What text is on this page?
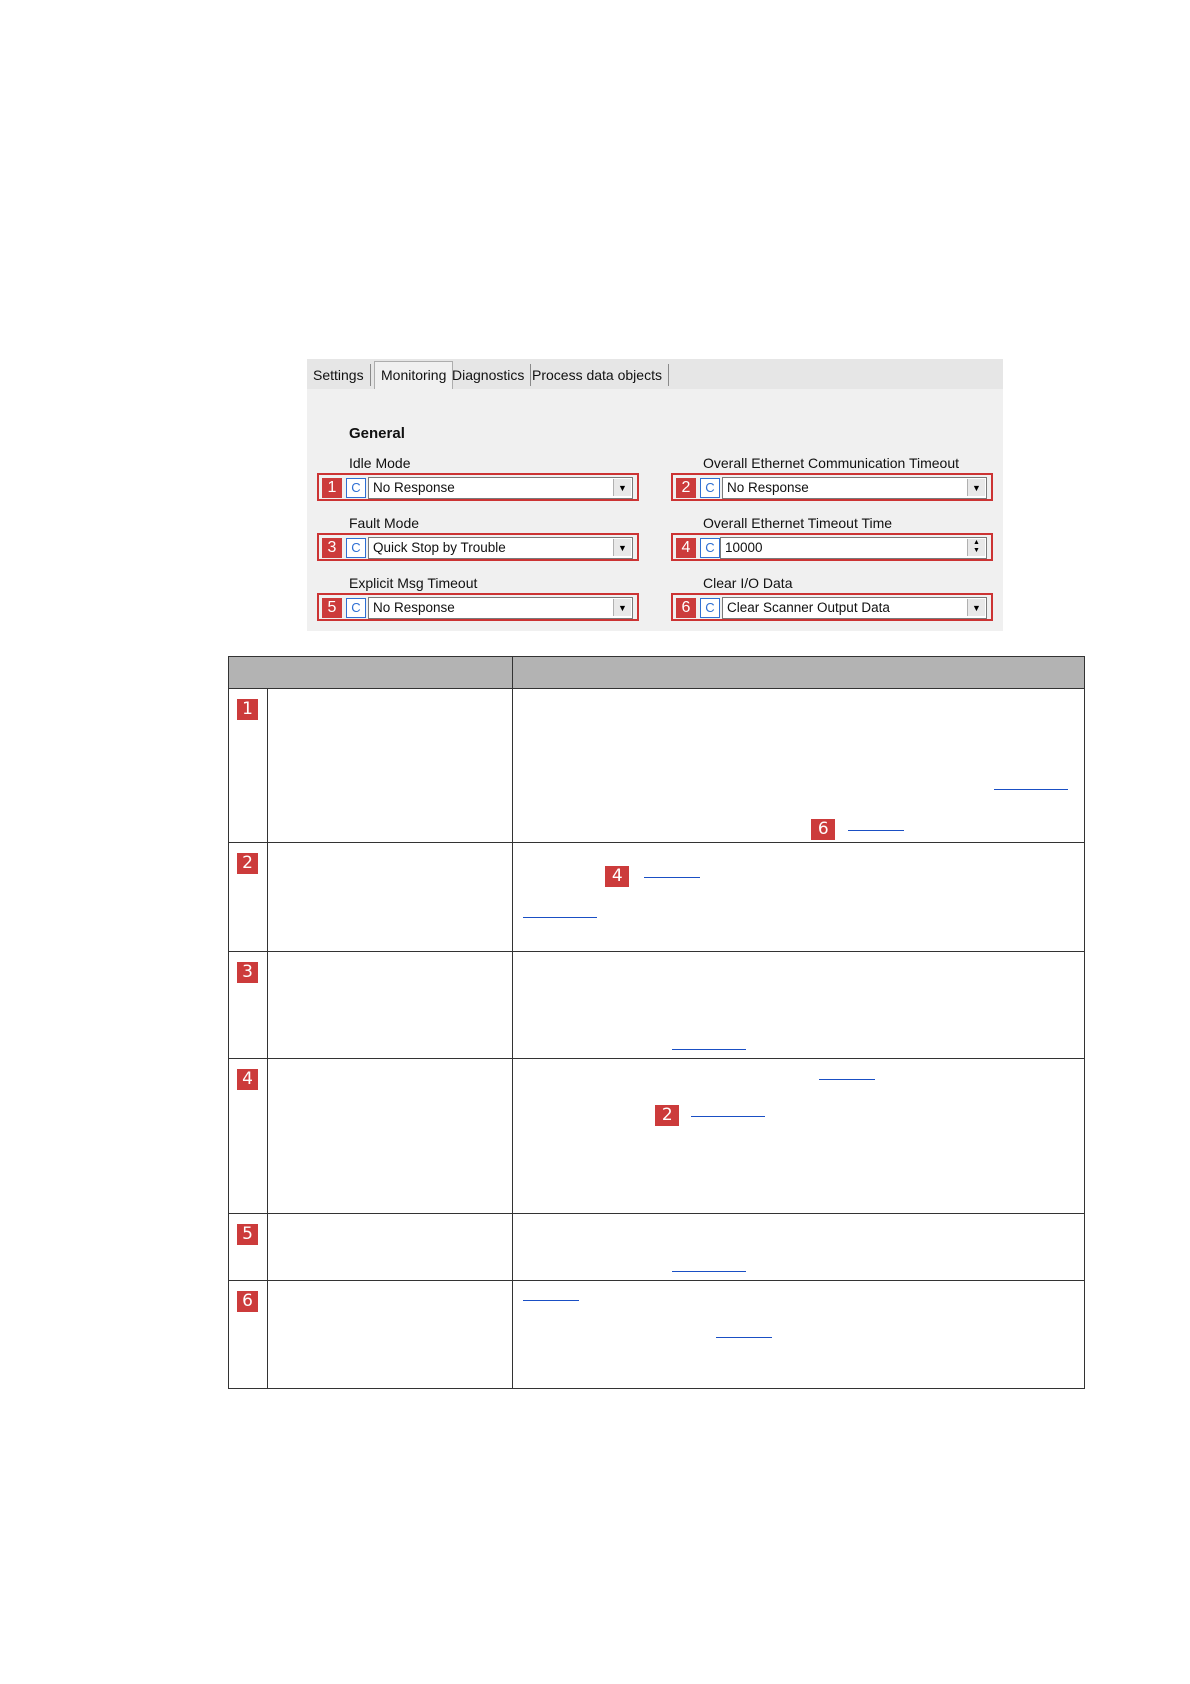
Settings	Monitoring Diagnostics Process data objects
General
Idle Mode
1	C No Response	▼
Fault Mode
3	C Quick Stop by Trouble	▼
Explicit Msg Timeout
5	C No Response	▼
Overall Ethernet Communication Timeout
2	C No Response	▼
Overall Ethernet Timeout Time
4	C 10000	▲
▼
Clear I/O Data
6	C Clear Scanner Output Data	▼

1		6

2		4

3		

4		2

5		

6		
